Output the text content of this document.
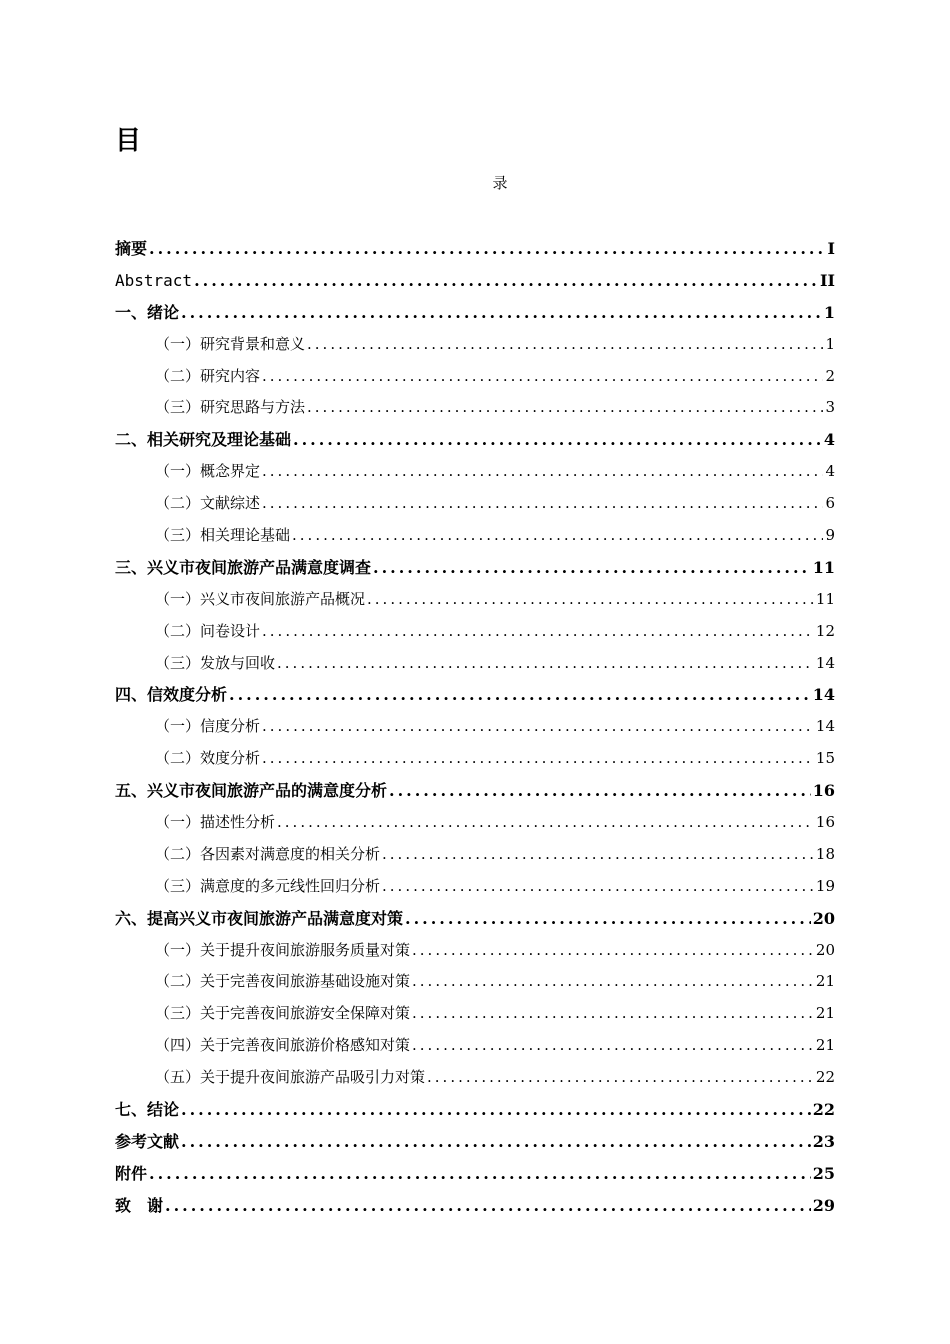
目
录
摘要 .....	I
Abstract .....	II
一、绪论 .....	1
（一）研究背景和意义 .....	1
（二）研究内容 .....	2
（三）研究思路与方法 .....	3
二、相关研究及理论基础 .....	4
（一）概念界定 .....	4
（二）文献综述 .....	6
（三）相关理论基础 .....	9
三、兴义市夜间旅游产品满意度调查 .....	11
（一）兴义市夜间旅游产品概况 .....	11
（二）问卷设计 .....	12
（三）发放与回收 .....	14
四、信效度分析 .....	14
（一）信度分析 .....	14
（二）效度分析 .....	15
五、兴义市夜间旅游产品的满意度分析 .....	16
（一）描述性分析 .....	16
（二）各因素对满意度的相关分析 .....	18
（三）满意度的多元线性回归分析 .....	19
六、提高兴义市夜间旅游产品满意度对策 .....	20
（一）关于提升夜间旅游服务质量对策 .....	20
（二）关于完善夜间旅游基础设施对策 .....	21
（三）关于完善夜间旅游安全保障对策 .....	21
（四）关于完善夜间旅游价格感知对策 .....	21
（五）关于提升夜间旅游产品吸引力对策 .....	22
七、结论 .....	22
参考文献 .....	23
附件 .....	25
致　谢 .....	29
